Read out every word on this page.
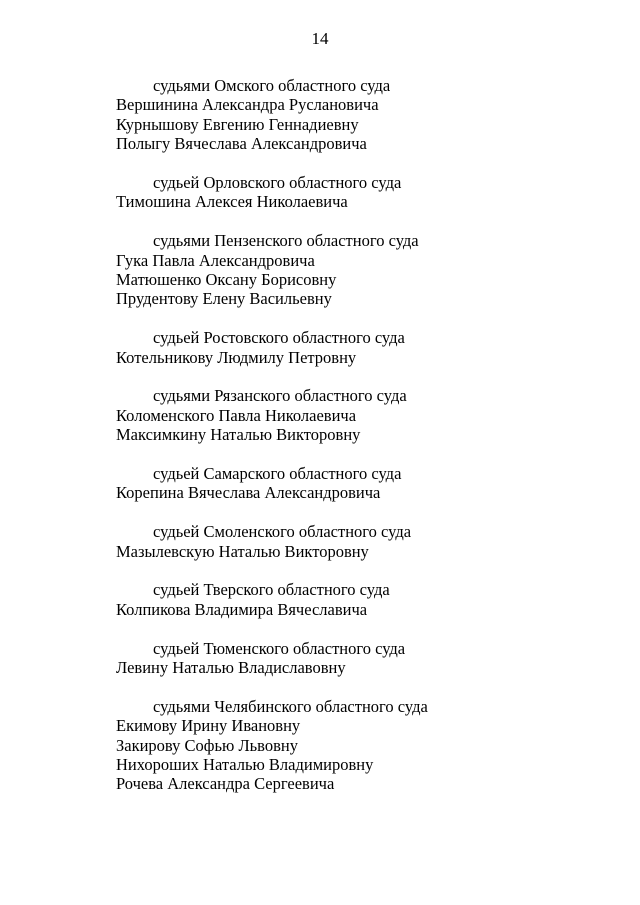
14
судьями Омского областного суда
Вершинина Александра Руслановича
Курнышову Евгению Геннадиевну
Полыгу Вячеслава Александровича
судьей Орловского областного суда
Тимошина Алексея Николаевича
судьями Пензенского областного суда
Гука Павла Александровича
Матюшенко Оксану Борисовну
Прудентову Елену Васильевну
судьей Ростовского областного суда
Котельникову Людмилу Петровну
судьями Рязанского областного суда
Коломенского Павла Николаевича
Максимкину Наталью Викторовну
судьей Самарского областного суда
Корепина Вячеслава Александровича
судьей Смоленского областного суда
Мазылевскую Наталью Викторовну
судьей Тверского областного суда
Колпикова Владимира Вячеславича
судьей Тюменского областного суда
Левину Наталью Владиславовну
судьями Челябинского областного суда
Екимову Ирину Ивановну
Закирову Софью Львовну
Нихороших Наталью Владимировну
Рочева Александра Сергеевича
